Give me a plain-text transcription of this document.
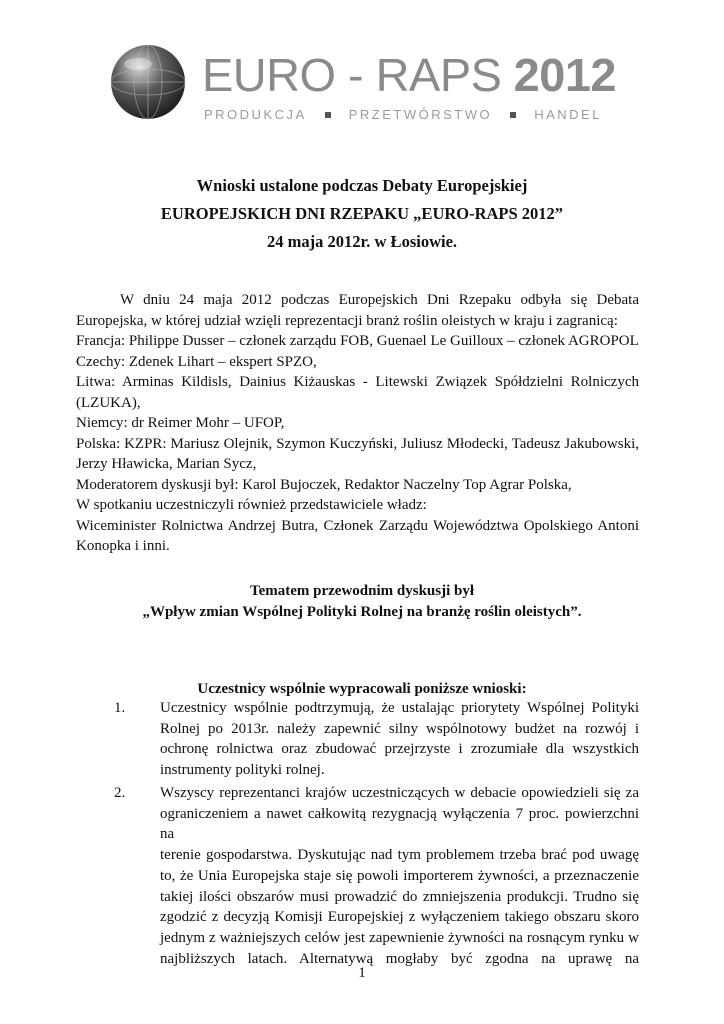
EURO - RAPS 2012
PRODUKCJA	PRZETWÓRSTWO	HANDEL
Wnioski ustalone podczas Debaty Europejskiej
EUROPEJSKICH DNI RZEPAKU „EURO-RAPS 2012”
24 maja 2012r. w Łosiowie.
W dniu 24 maja 2012 podczas Europejskich Dni Rzepaku odbyła się Debata
Europejska, w której udział wzięli reprezentacji branż roślin oleistych w kraju i zagranicą:
Francja: Philippe Dusser – członek zarządu FOB, Guenael Le Guilloux – członek AGROPOL
Czechy: Zdenek Lihart – ekspert SPZO,
Litwa: Arminas Kildisls, Dainius Kiżauskas - Litewski Związek Spółdzielni Rolniczych
(LZUKA),
Niemcy: dr Reimer Mohr – UFOP,
Polska: KZPR: Mariusz Olejnik, Szymon Kuczyński, Juliusz Młodecki, Tadeusz Jakubowski,
Jerzy Hławicka, Marian Sycz,
Moderatorem dyskusji był: Karol Bujoczek, Redaktor Naczelny Top Agrar Polska,
W spotkaniu uczestniczyli również przedstawiciele władz:
Wiceminister Rolnictwa Andrzej Butra, Członek Zarządu Województwa Opolskiego Antoni
Konopka i inni.
Tematem przewodnim dyskusji był
„Wpływ zmian Wspólnej Polityki Rolnej na branżę roślin oleistych”.
Uczestnicy wspólnie wypracowali poniższe wnioski:
1. Uczestnicy wspólnie podtrzymują, że ustalając priorytety Wspólnej Polityki
Rolnej po 2013r. należy zapewnić silny wspólnotowy budżet na rozwój i
ochronę rolnictwa oraz zbudować przejrzyste i zrozumiałe dla wszystkich
instrumenty polityki rolnej.
2. Wszyscy reprezentanci krajów uczestniczących w debacie opowiedzieli się za
ograniczeniem a nawet całkowitą rezygnacją wyłączenia 7 proc. powierzchni na
terenie gospodarstwa. Dyskutując nad tym problemem trzeba brać pod uwagę
to, że Unia Europejska staje się powoli importerem żywności, a przeznaczenie
takiej ilości obszarów musi prowadzić do zmniejszenia produkcji. Trudno się
zgodzić z decyzją Komisji Europejskiej z wyłączeniem takiego obszaru skoro
jednym z ważniejszych celów jest zapewnienie żywności na rosnącym rynku w
najbliższych latach. Alternatywą mogłaby być zgodna na uprawę na
1
